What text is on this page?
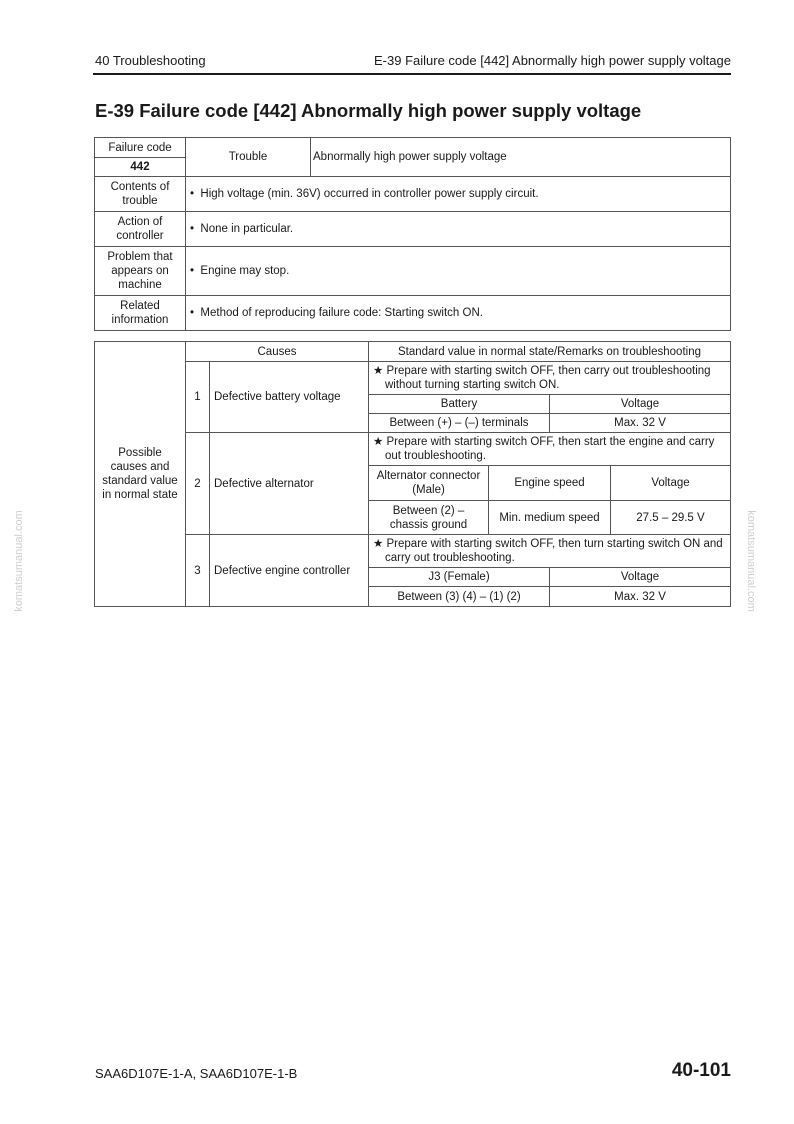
40 Troubleshooting	E-39 Failure code [442] Abnormally high power supply voltage
E-39 Failure code [442] Abnormally high power supply voltage
Failure code	Trouble	Abnormally high power supply voltage
442		
Contents of trouble	•  High voltage (min. 36V) occurred in controller power supply circuit.
Action of controller	•  None in particular.
Problem that appears on machine	•  Engine may stop.
Related information	•  Method of reproducing failure code: Starting switch ON.
Possible causes and standard value in normal state	Causes		Standard value in normal state/Remarks on troubleshooting			
	1	Defective battery voltage	★ Prepare with starting switch OFF, then carry out troubleshooting without turning starting switch ON.
			Battery		Voltage	
			Between (+) – (–) terminals		Max. 32 V	
	2	Defective alternator	★ Prepare with starting switch OFF, then start the engine and carry out troubleshooting.
			Alternator connector (Male)	Engine speed		Voltage
			Between (2) – chassis ground	Min. medium speed		27.5 – 29.5 V
	3	Defective engine controller	★ Prepare with starting switch OFF, then turn starting switch ON and carry out troubleshooting.
			J3 (Female)		Voltage	
			Between (3) (4) – (1) (2)		Max. 32 V	
komatsumanual.com	komatsumanual.com
SAA6D107E-1-A, SAA6D107E-1-B	40-101
